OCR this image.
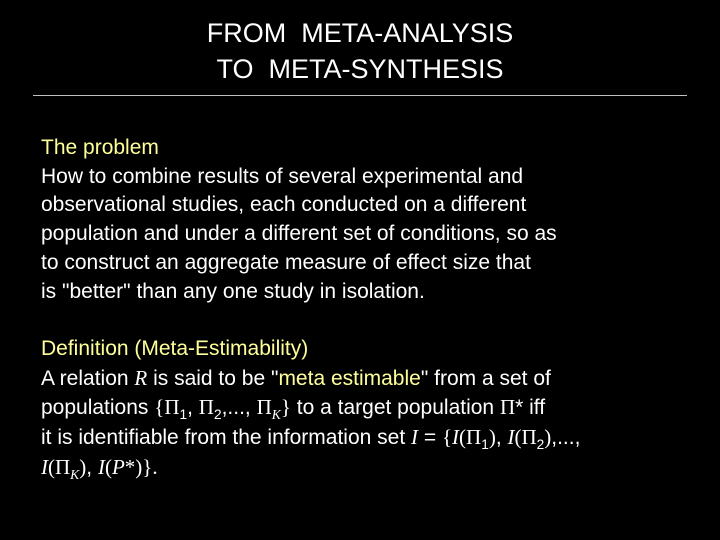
FROM  META-ANALYSIS
TO  META-SYNTHESIS
The problem
How to combine results of several experimental and
observational studies, each conducted on a different
population and under a different set of conditions, so as
to construct an aggregate measure of effect size that
is "better" than any one study in isolation.
Definition (Meta-Estimability)
A relation R is said to be "meta estimable" from a set of
populations {$\Pi_1$, $\Pi_2$,..., $\Pi_K$} to a target population Π* iff
it is identifiable from the information set $I = \{I(\Pi_1)$, $I(\Pi_2)$,...,
$I(\Pi_K)$, I(P*)}.
